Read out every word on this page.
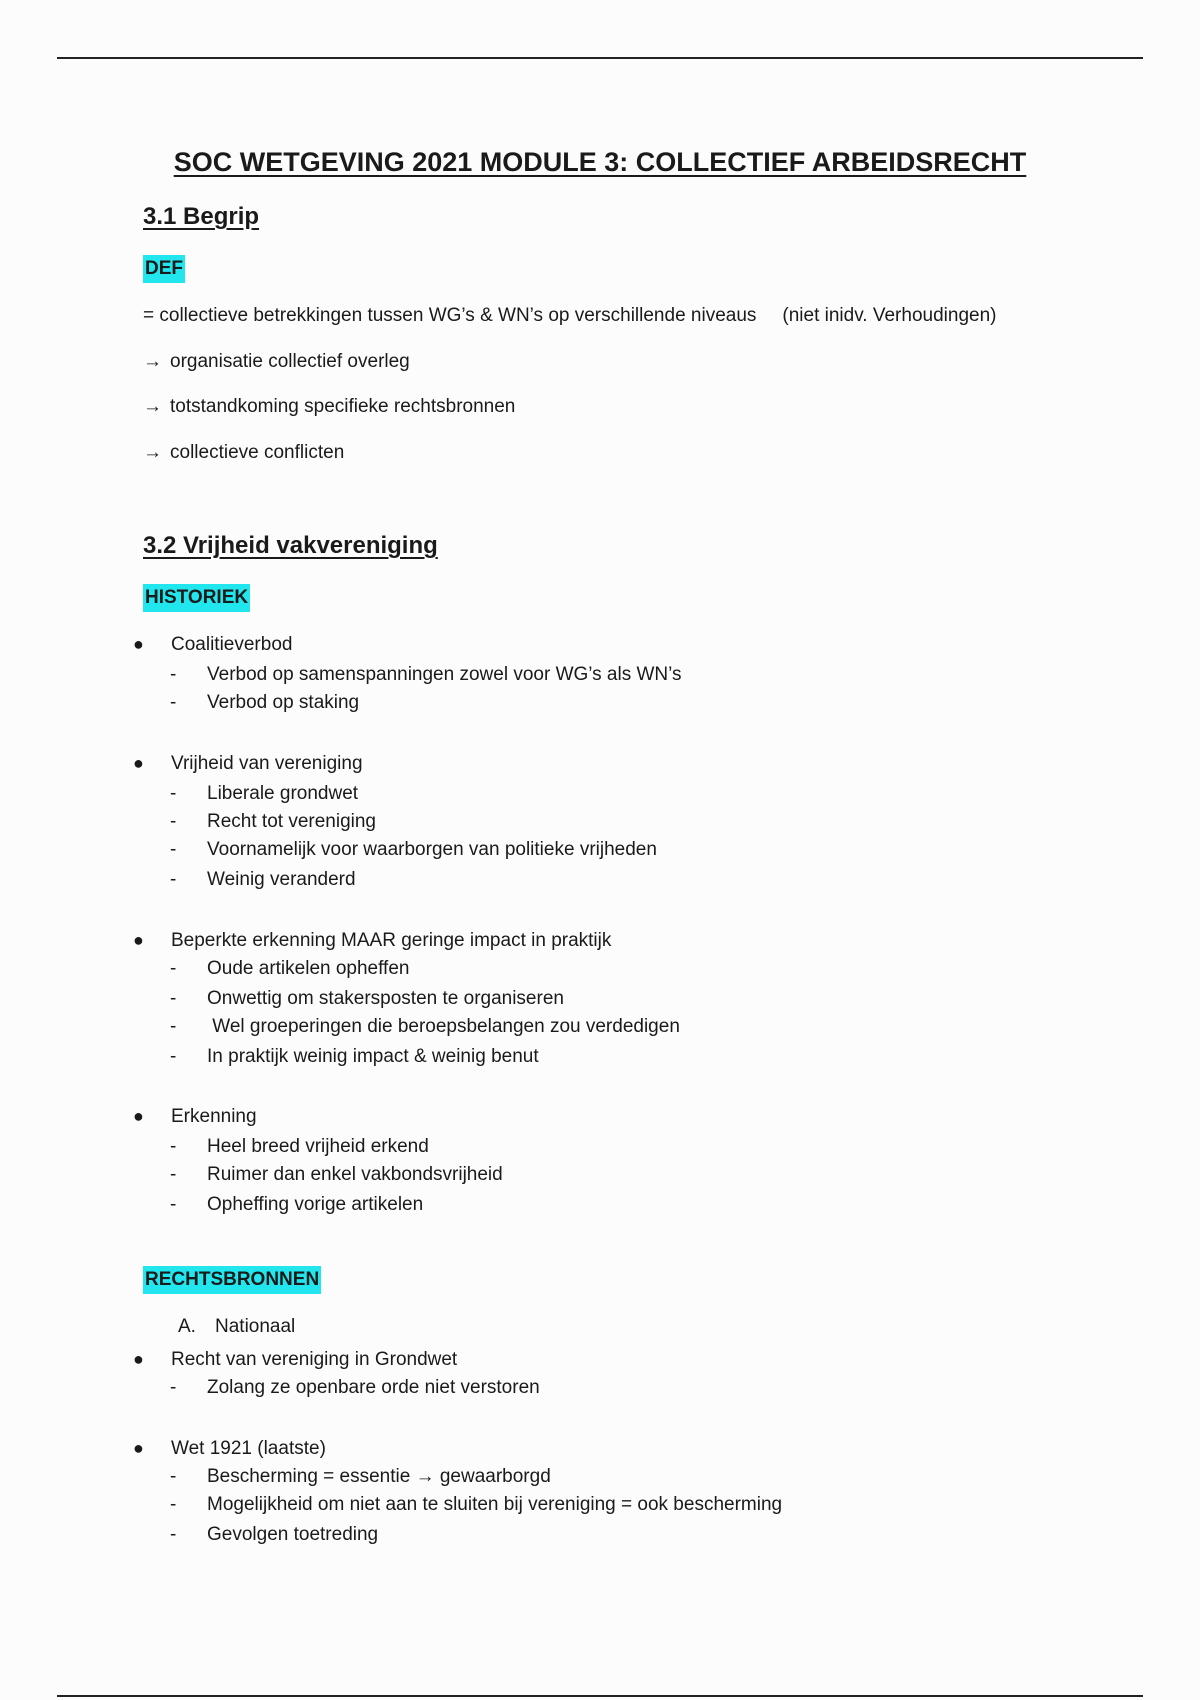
SOC WETGEVING 2021 MODULE 3: COLLECTIEF ARBEIDSRECHT
3.1 Begrip
DEF
= collectieve betrekkingen tussen WG’s & WN’s op verschillende niveaus (niet inidv. Verhoudingen)
→ organisatie collectief overleg
→ totstandkoming specifieke rechtsbronnen
→ collectieve conflicten
3.2 Vrijheid vakvereniging
HISTORIEK
● Coalitieverbod
- Verbod op samenspanningen zowel voor WG’s als WN’s
- Verbod op staking
● Vrijheid van vereniging
- Liberale grondwet
- Recht tot vereniging
- Voornamelijk voor waarborgen van politieke vrijheden
- Weinig veranderd
● Beperkte erkenning MAAR geringe impact in praktijk
- Oude artikelen opheffen
- Onwettig om stakersposten te organiseren
- Wel groeperingen die beroepsbelangen zou verdedigen
- In praktijk weinig impact & weinig benut
● Erkenning
- Heel breed vrijheid erkend
- Ruimer dan enkel vakbondsvrijheid
- Opheffing vorige artikelen
RECHTSBRONNEN
A. Nationaal
● Recht van vereniging in Grondwet
- Zolang ze openbare orde niet verstoren
● Wet 1921 (laatste)
- Bescherming = essentie → gewaarborgd
- Mogelijkheid om niet aan te sluiten bij vereniging = ook bescherming
- Gevolgen toetreding
